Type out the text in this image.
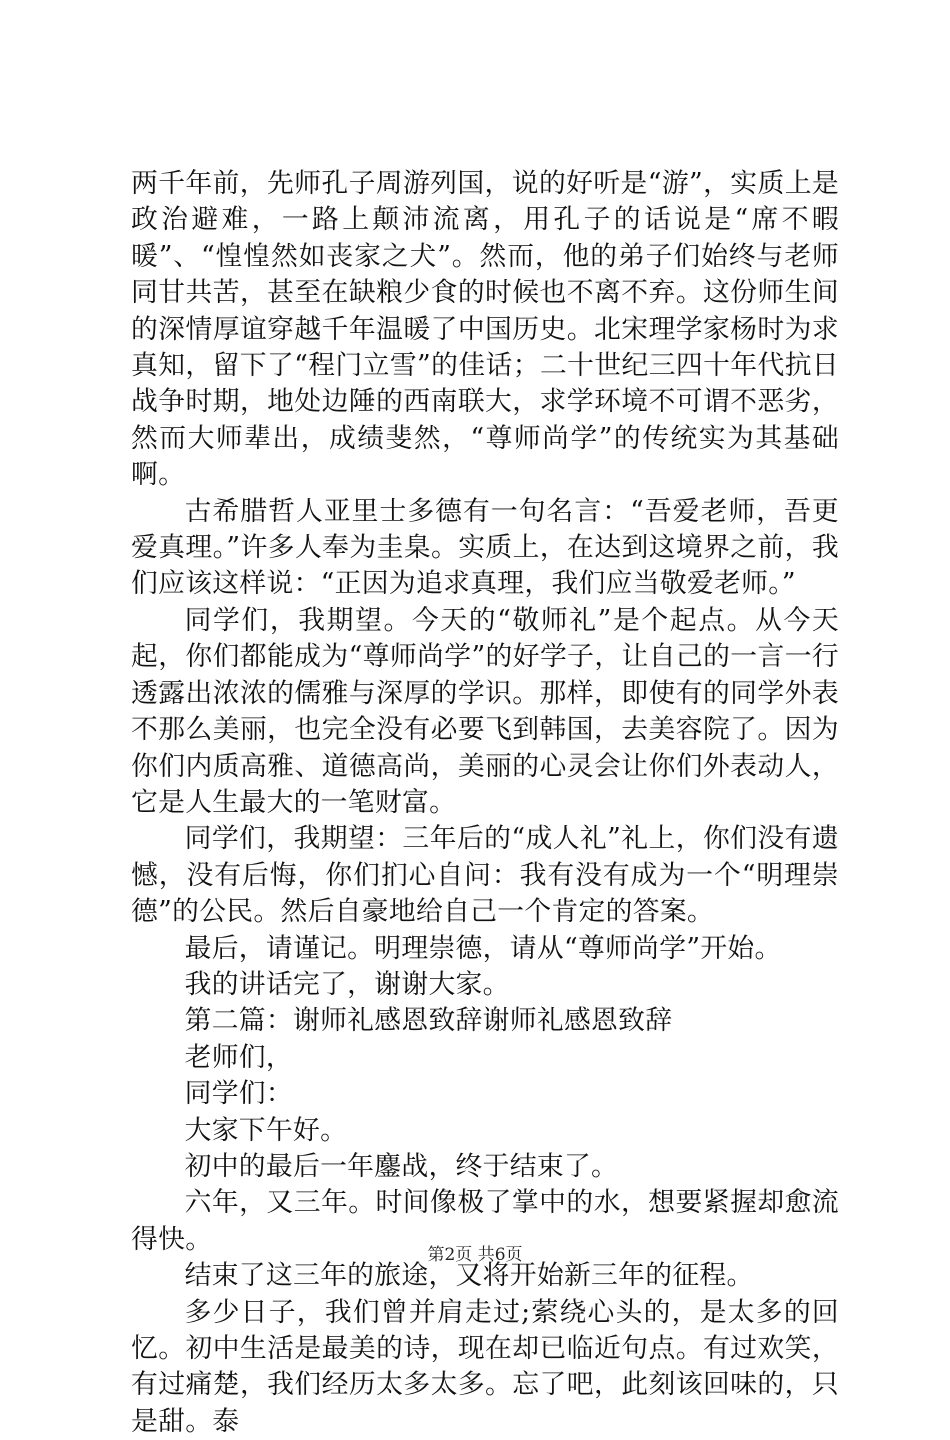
两千年前，先师孔子周游列国，说的好听是“游”，实质上是政治避难，一路上颠沛流离，用孔子的话说是“席不暇暖”、“惶惶然如丧家之犬”。然而，他的弟子们始终与老师同甘共苦，甚至在缺粮少食的时候也不离不弃。这份师生间的深情厚谊穿越千年温暖了中国历史。北宋理学家杨时为求真知，留下了“程门立雪”的佳话；二十世纪三四十年代抗日战争时期，地处边陲的西南联大，求学环境不可谓不恶劣，然而大师辈出，成绩斐然，“尊师尚学”的传统实为其基础啊。

古希腊哲人亚里士多德有一句名言：“吾爱老师，吾更爱真理。”许多人奉为圭臬。实质上，在达到这境界之前，我们应该这样说：“正因为追求真理，我们应当敬爱老师。”

同学们，我期望。今天的“敬师礼”是个起点。从今天起，你们都能成为“尊师尚学”的好学子，让自己的一言一行透露出浓浓的儒雅与深厚的学识。那样，即使有的同学外表不那么美丽，也完全没有必要飞到韩国，去美容院了。因为你们内质高雅、道德高尚，美丽的心灵会让你们外表动人，它是人生最大的一笔财富。

同学们，我期望：三年后的“成人礼”礼上，你们没有遗憾，没有后悔，你们扪心自问：我有没有成为一个“明理崇德”的公民。然后自豪地给自己一个肯定的答案。

最后，请谨记。明理崇德，请从“尊师尚学”开始。

我的讲话完了，谢谢大家。

第二篇：谢师礼感恩致辞谢师礼感恩致辞

老师们，

同学们：

大家下午好。

初中的最后一年鏖战，终于结束了。

六年，又三年。时间像极了掌中的水，想要紧握却愈流得快。

结束了这三年的旅途，又将开始新三年的征程。

多少日子，我们曾并肩走过;萦绕心头的，是太多的回忆。初中生活是最美的诗，现在却已临近句点。有过欢笑，有过痛楚，我们经历太多太多。忘了吧，此刻该回味的，只是甜。泰

第2页 共6页
